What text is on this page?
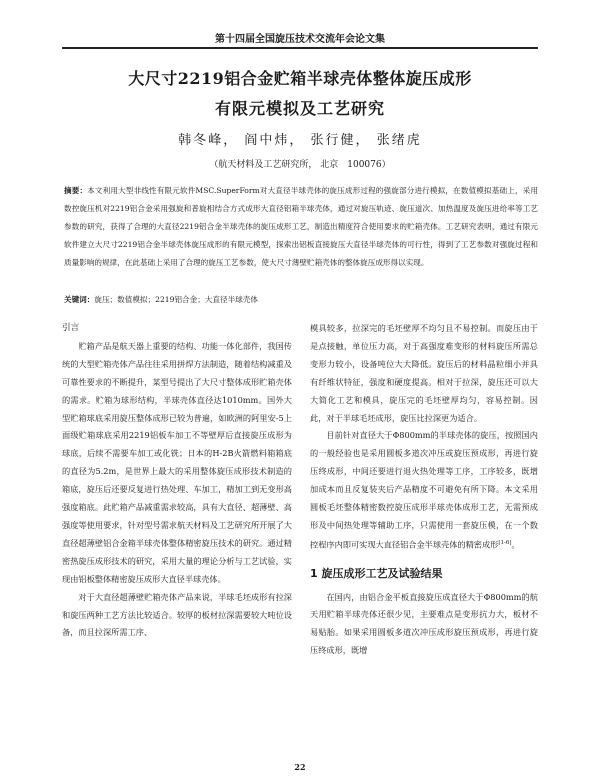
第十四届全国旋压技术交流年会论文集
大尺寸2219铝合金贮箱半球壳体整体旋压成形
有限元模拟及工艺研究
韩冬峰， 阎中炜， 张行健， 张绪虎
（航天材料及工艺研究所， 北京　100076）
摘要：本文利用大型非线性有限元软件MSC.SuperForm对大直径半球壳体的旋压成形过程的强旋部分进行模拟，在数值模拟基础上，采用数控旋压机对2219铝合金采用强旋和普旋相结合方式成形大直径铝箱半球壳体，通过对旋压轨迹、旋压道次、加热温度及旋压进给率等工艺参数的研究，获得了合理的大直径2219铝合金半球壳体的旋压成形工艺，制造出精度符合使用要求的贮箱壳体。工艺研究表明，通过有限元软件建立大尺寸2219铝合金半球壳体旋压成形的有限元模型，探索出铝板直接旋压大直径半球壳体的可行性，得到了工艺参数对强旋过程和质量影响的规律，在此基础上采用了合理的旋压工艺参数，使大尺寸薄壁贮箱壳体的整体旋压成形得以实现。
关键词：旋压；数值模拟；2219铝合金；大直径半球壳体

引言

贮箱产品是航天器上重要的结构、功能一体化部件，我国传统的大型贮箱壳体产品往往采用拼焊方法制造，随着结构减重及可靠性要求的不断提升，某型号提出了大尺寸整体成形贮箱壳体的需求。贮箱为球形结构，半球壳体直径达1010mm。国外大型贮箱球底采用旋压整体成形已较为普遍，如欧洲的阿里安-5上面级贮箱球底采用2219铝板车加工不等壁厚后直接旋压成形为球底，后续不需要车加工或化铣；日本的H-2B火箭燃料箱箱底的直径为5.2m，是世界上最大的采用整体旋压成形技术制造的箱底，旋压后还要反复进行热处理、车加工，精加工到无变形高强度箱底。此贮箱产品减重需求较高，具有大直径、超薄壁、高强度等使用要求，针对型号需求航天材料及工艺研究所开展了大直径超薄壁铝合金箱半球壳体整体精密旋压技术的研究。通过精密热旋压成形技术的研究，采用大量的理论分析与工艺试验，实现由铝板整体精密旋压成形大直径半球壳体。

对于大直径超薄壁贮箱壳体产品来说，半球毛坯成形有拉深和旋压两种工艺方法比较适合。较厚的板材拉深需要较大吨位设备，而且拉深所需工序、

模具较多，拉深完的毛坯壁厚不均匀且不易控制。而旋压由于是点接触，单位压力高，对于高强度难变形的材料旋压所需总变形力较小，设备吨位大大降低。旋压后的材料晶粒细小并具有纤维状特征，强度和硬度提高。相对于拉深，旋压还可以大大简化工艺和模具，旋压完的毛坯壁厚均匀，容易控制。因此，对于半球毛坯成形，旋压比拉深更为适合。

目前针对直径大于Φ800mm的半球壳体的旋压，按照国内的一般经验也是采用圆板多道次冲压或旋压预成形，再进行旋压终成形，中间还要进行退火热处理等工序，工序较多，既增加成本而且反复装夹后产品精度不可避免有所下降。本文采用圆板毛坯整体精密数控旋压成形半球壳体成形工艺，无需预成形及中间热处理等辅助工序，只需使用一套旋压模，在一个数控程序内即可实现大直径铝合金半球壳体的精密成形[1-6]。

1 旋压成形工艺及试验结果

在国内，由铝合金平板直接旋压成直径大于Φ800mm的航天用贮箱半球壳体还很少见，主要难点是变形抗力大，板材不易贴胎。如果采用圆板多道次冲压成形旋压预成形，再进行旋压终成形，既增

22
